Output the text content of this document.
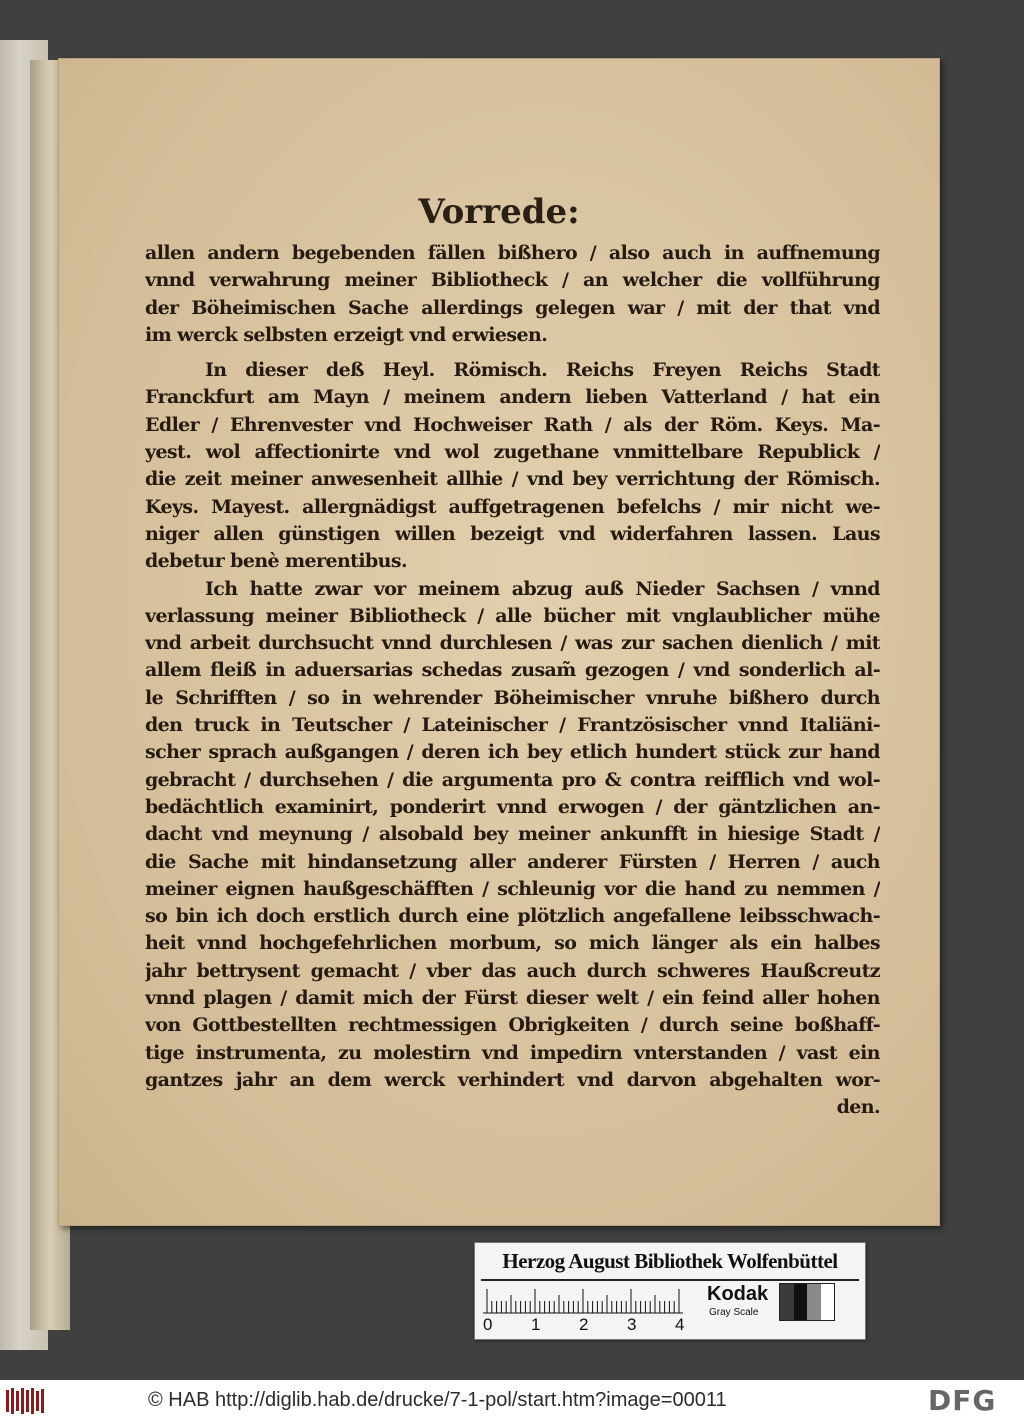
Vorrede:
allen andern begebenden fällen bißhero / also auch in auffnemung
vnnd verwahrung meiner Bibliotheck / an welcher die vollführung
der Böheimischen Sache allerdings gelegen war / mit der that vnd
im werck selbsten erzeigt vnd erwiesen.
In dieser deß Heyl. Römisch. Reichs Freyen Reichs Stadt
Franckfurt am Mayn / meinem andern lieben Vatterland / hat ein
Edler / Ehrenvester vnd Hochweiser Rath / als der Röm. Keys. Ma-
yest. wol affectionirte vnd wol zugethane vnmittelbare Republick /
die zeit meiner anwesenheit allhie / vnd bey verrichtung der Römisch.
Keys. Mayest. allergnädigst auffgetragenen befelchs / mir nicht we-
niger allen günstigen willen bezeigt vnd widerfahren lassen. Laus
debetur benè merentibus.
Ich hatte zwar vor meinem abzug auß Nieder Sachsen / vnnd
verlassung meiner Bibliotheck / alle bücher mit vnglaublicher mühe
vnd arbeit durchsucht vnnd durchlesen / was zur sachen dienlich / mit
allem fleiß in aduersarias schedas zusam̃ gezogen / vnd sonderlich al-
le Schrifften / so in wehrender Böheimischer vnruhe bißhero durch
den truck in Teutscher / Lateinischer / Frantzösischer vnnd Italiäni-
scher sprach außgangen / deren ich bey etlich hundert stück zur hand
gebracht / durchsehen / die argumenta pro & contra reifflich vnd wol-
bedächtlich examinirt, ponderirt vnnd erwogen / der gäntzlichen an-
dacht vnd meynung / alsobald bey meiner ankunfft in hiesige Stadt /
die Sache mit hindansetzung aller anderer Fürsten / Herren / auch
meiner eignen haußgeschäfften / schleunig vor die hand zu nemmen /
so bin ich doch erstlich durch eine plötzlich angefallene leibsschwach-
heit vnnd hochgefehrlichen morbum, so mich länger als ein halbes
jahr bettrysent gemacht / vber das auch durch schweres Haußcreutz
vnnd plagen / damit mich der Fürst dieser welt / ein feind aller hohen
von Gottbestellten rechtmessigen Obrigkeiten / durch seine boßhaff-
tige instrumenta, zu molestirn vnd impedirn vnterstanden / vast ein
gantzes jahr an dem werck verhindert vnd darvon abgehalten wor-
den.
Herzog August Bibliothek Wolfenbüttel
0 1 2 3 4
Kodak
Gray Scale
© HAB http://diglib.hab.de/drucke/7-1-pol/start.htm?image=00011	DFG
